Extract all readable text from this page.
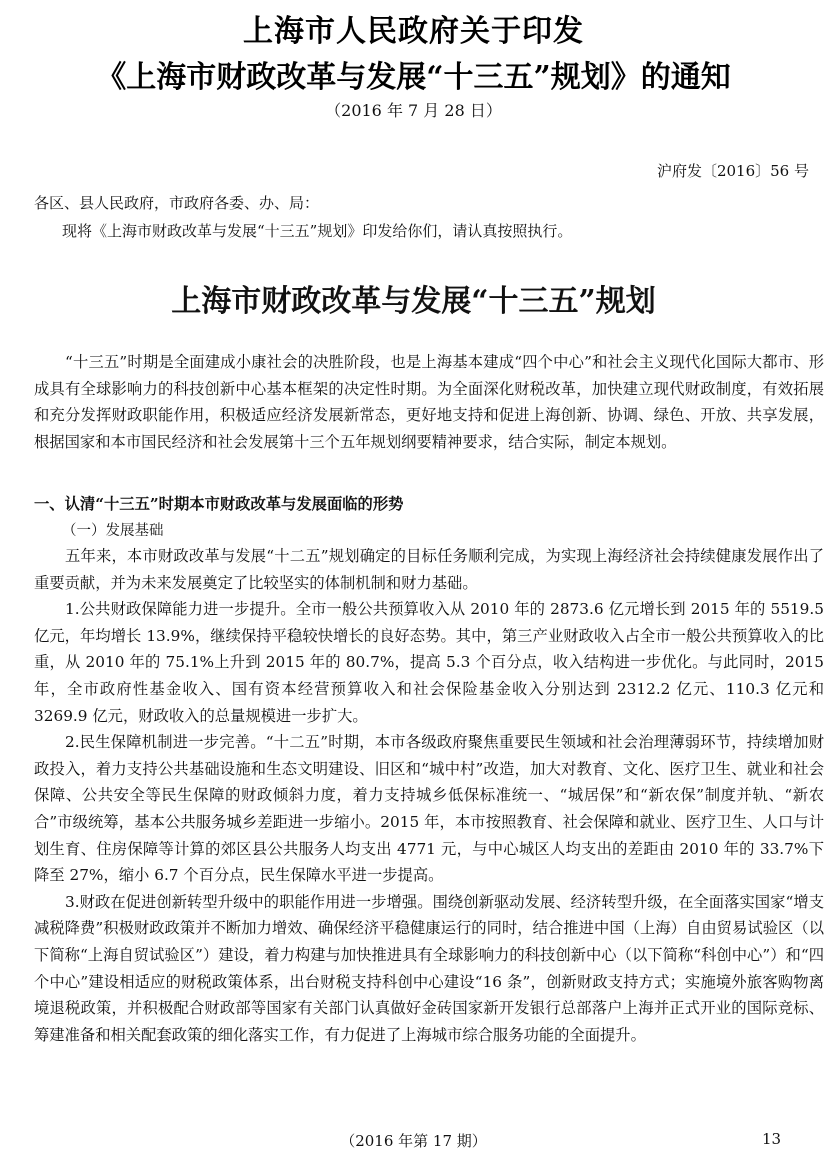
上海市人民政府关于印发
《上海市财政改革与发展“十三五”规划》的通知
（2016 年 7 月 28 日）
沪府发〔2016〕56 号
各区、县人民政府，市政府各委、办、局：
现将《上海市财政改革与发展“十三五”规划》印发给你们，请认真按照执行。
上海市财政改革与发展“十三五”规划

“十三五”时期是全面建成小康社会的决胜阶段，也是上海基本建成“四个中心”和社会主义现代化国际大都市、形成具有全球影响力的科技创新中心基本框架的决定性时期。为全面深化财税改革，加快建立现代财政制度，有效拓展和充分发挥财政职能作用，积极适应经济发展新常态，更好地支持和促进上海创新、协调、绿色、开放、共享发展，根据国家和本市国民经济和社会发展第十三个五年规划纲要精神要求，结合实际，制定本规划。

一、认清“十三五”时期本市财政改革与发展面临的形势
（一）发展基础

五年来，本市财政改革与发展“十二五”规划确定的目标任务顺利完成，为实现上海经济社会持续健康发展作出了重要贡献，并为未来发展奠定了比较坚实的体制机制和财力基础。

1.公共财政保障能力进一步提升。全市一般公共预算收入从 2010 年的 2873.6 亿元增长到 2015 年的 5519.5 亿元，年均增长 13.9%，继续保持平稳较快增长的良好态势。其中，第三产业财政收入占全市一般公共预算收入的比重，从 2010 年的 75.1%上升到 2015 年的 80.7%，提高 5.3 个百分点，收入结构进一步优化。与此同时，2015 年，全市政府性基金收入、国有资本经营预算收入和社会保险基金收入分别达到 2312.2 亿元、110.3 亿元和 3269.9 亿元，财政收入的总量规模进一步扩大。

2.民生保障机制进一步完善。“十二五”时期，本市各级政府聚焦重要民生领域和社会治理薄弱环节，持续增加财政投入，着力支持公共基础设施和生态文明建设、旧区和“城中村”改造，加大对教育、文化、医疗卫生、就业和社会保障、公共安全等民生保障的财政倾斜力度，着力支持城乡低保标准统一、“城居保”和“新农保”制度并轨、“新农合”市级统筹，基本公共服务城乡差距进一步缩小。2015 年，本市按照教育、社会保障和就业、医疗卫生、人口与计划生育、住房保障等计算的郊区县公共服务人均支出 4771 元，与中心城区人均支出的差距由 2010 年的 33.7%下降至 27%，缩小 6.7 个百分点，民生保障水平进一步提高。

3.财政在促进创新转型升级中的职能作用进一步增强。围绕创新驱动发展、经济转型升级，在全面落实国家“增支减税降费”积极财政政策并不断加力增效、确保经济平稳健康运行的同时，结合推进中国（上海）自由贸易试验区（以下简称“上海自贸试验区”）建设，着力构建与加快推进具有全球影响力的科技创新中心（以下简称“科创中心”）和“四个中心”建设相适应的财税政策体系，出台财税支持科创中心建设“16 条”，创新财政支持方式；实施境外旅客购物离境退税政策，并积极配合财政部等国家有关部门认真做好金砖国家新开发银行总部落户上海并正式开业的国际竞标、筹建准备和相关配套政策的细化落实工作，有力促进了上海城市综合服务功能的全面提升。

（2016 年第 17 期）	13
